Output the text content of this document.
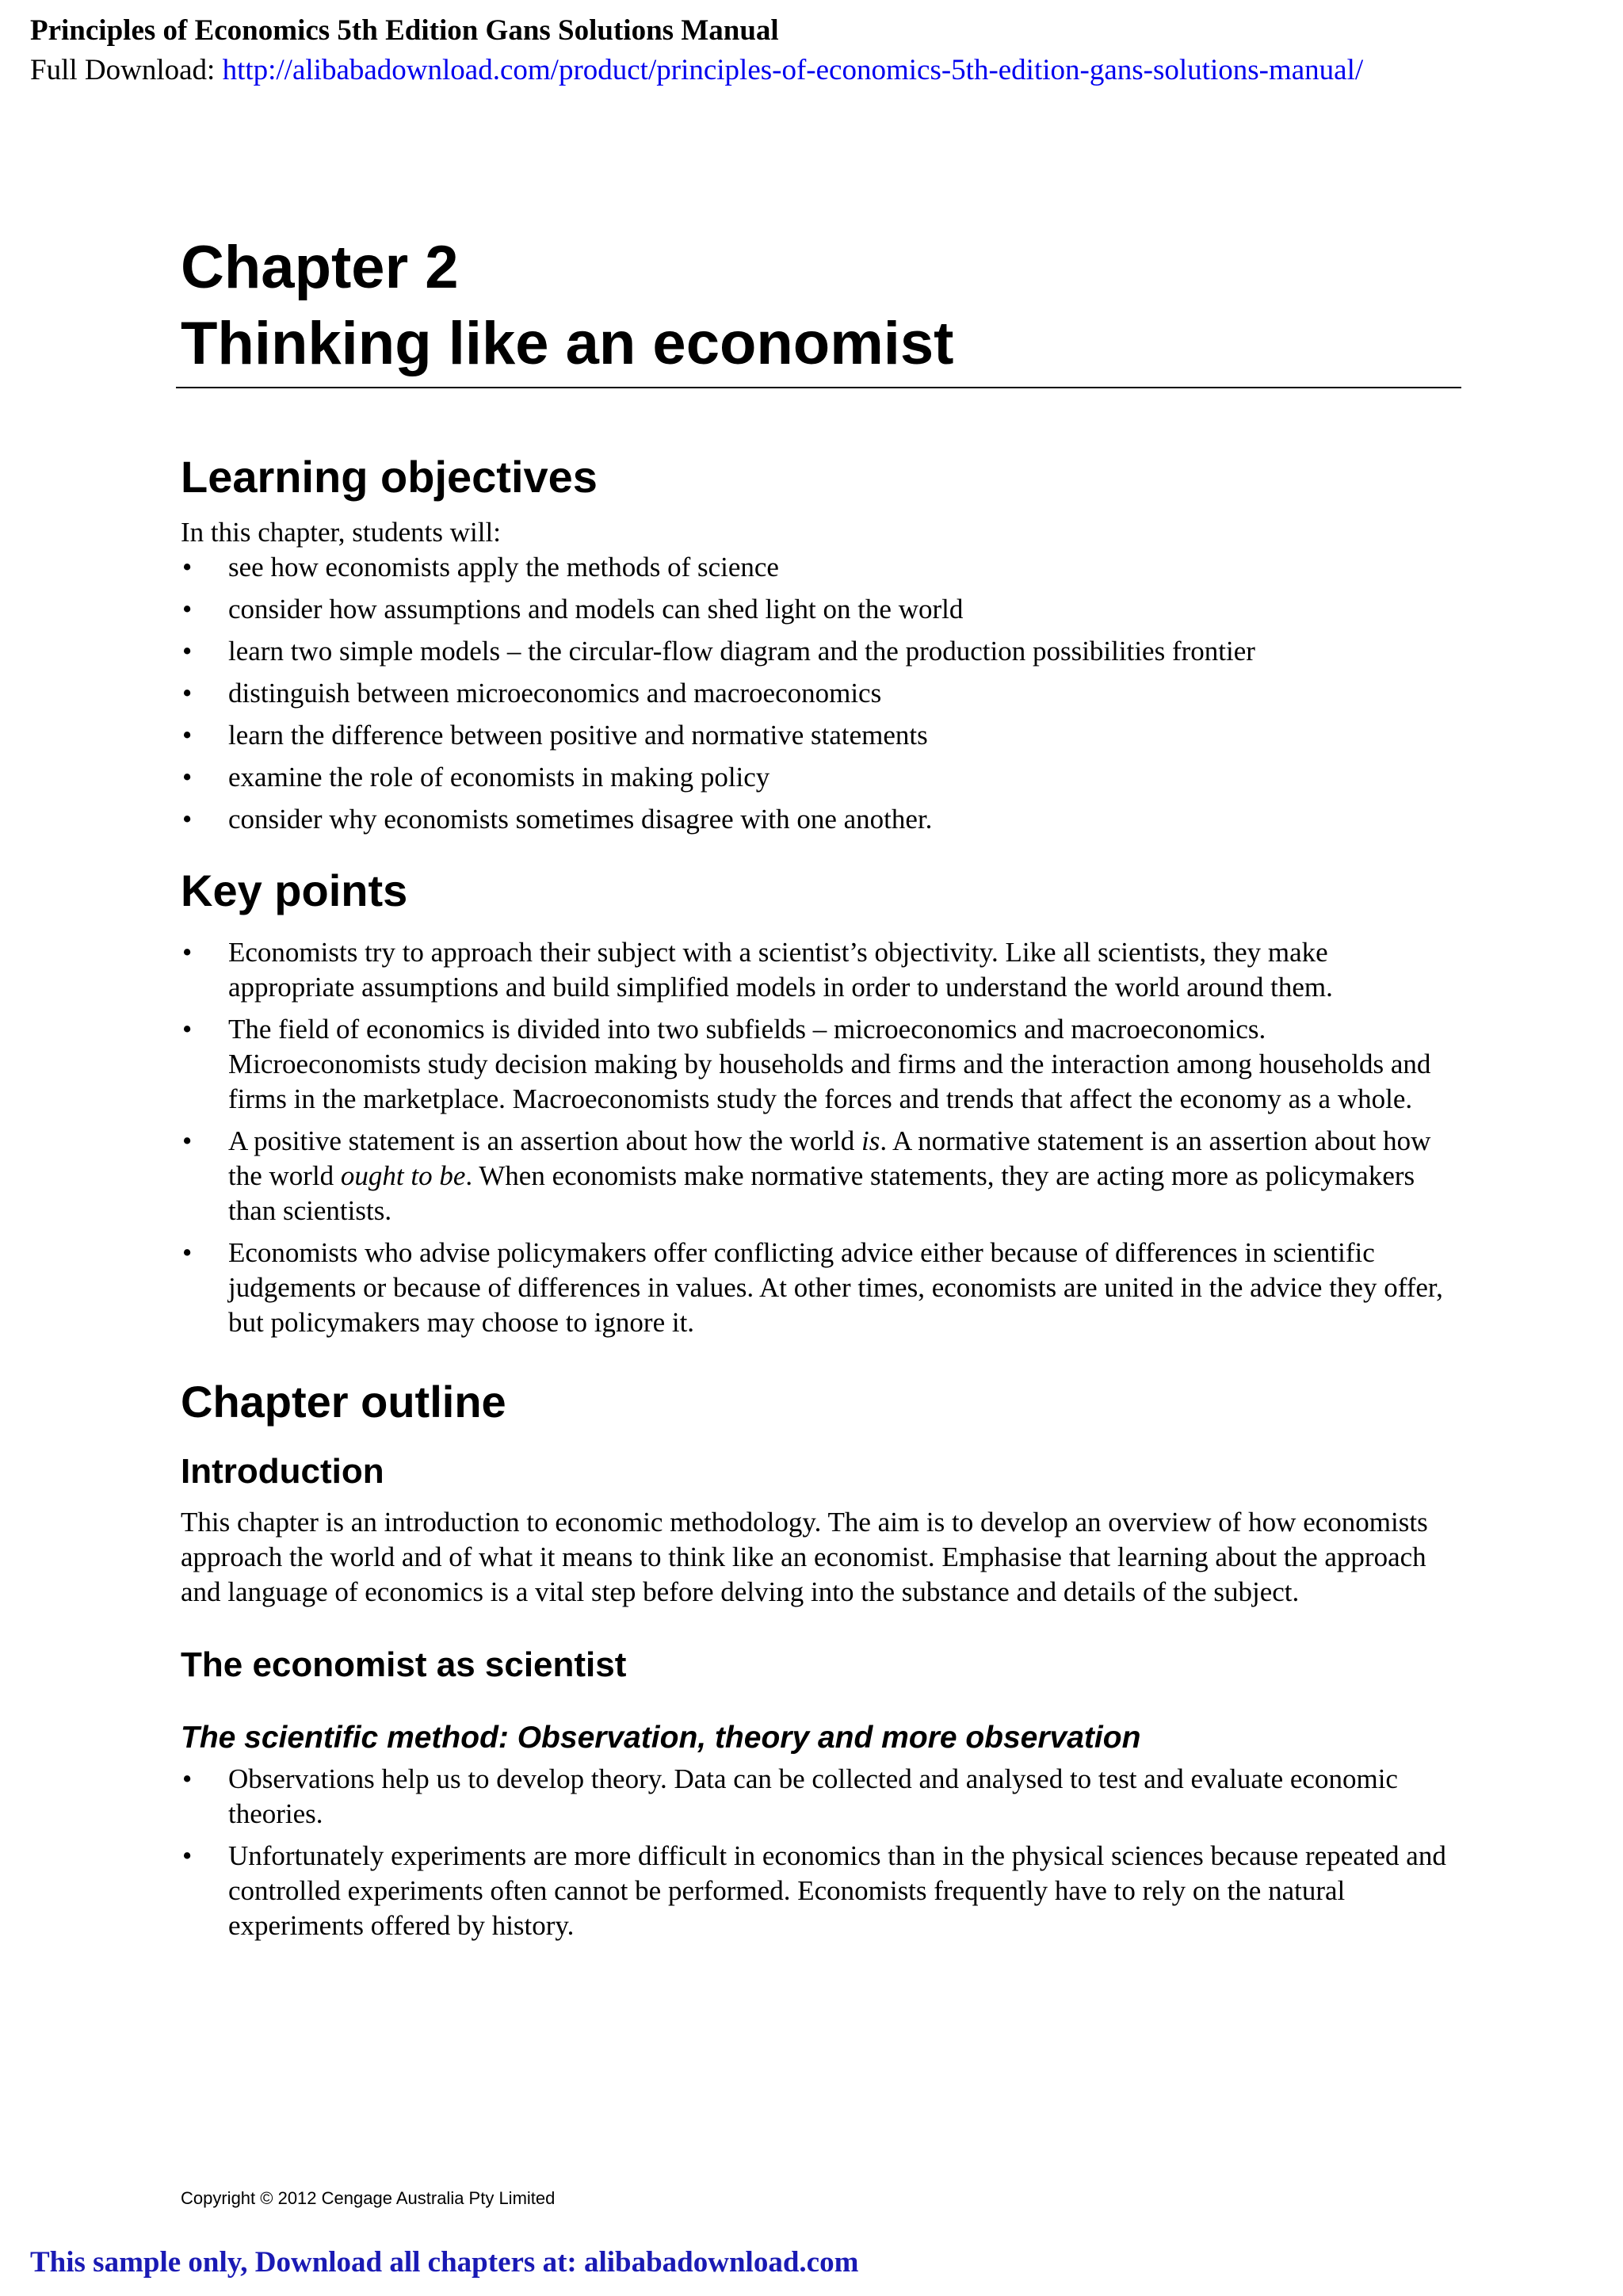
Principles of Economics 5th Edition Gans Solutions Manual
Full Download: http://alibabadownload.com/product/principles-of-economics-5th-edition-gans-solutions-manual/
Chapter 2
Thinking like an economist
Learning objectives

In this chapter, students will:

• see how economists apply the methods of science
• consider how assumptions and models can shed light on the world
• learn two simple models – the circular-flow diagram and the production possibilities frontier
• distinguish between microeconomics and macroeconomics
• learn the difference between positive and normative statements
• examine the role of economists in making policy
• consider why economists sometimes disagree with one another.
Key points
• Economists try to approach their subject with a scientist’s objectivity. Like all scientists, they make appropriate assumptions and build simplified models in order to understand the world around them.
• The field of economics is divided into two subfields – microeconomics and macroeconomics. Microeconomists study decision making by households and firms and the interaction among households and firms in the marketplace. Macroeconomists study the forces and trends that affect the economy as a whole.
• A positive statement is an assertion about how the world is. A normative statement is an assertion about how the world ought to be. When economists make normative statements, they are acting more as policymakers than scientists.
• Economists who advise policymakers offer conflicting advice either because of differences in scientific judgements or because of differences in values. At other times, economists are united in the advice they offer, but policymakers may choose to ignore it.
Chapter outline
Introduction

This chapter is an introduction to economic methodology. The aim is to develop an overview of how economists approach the world and of what it means to think like an economist. Emphasise that learning about the approach and language of economics is a vital step before delving into the substance and details of the subject.

The economist as scientist
The scientific method: Observation, theory and more observation
• Observations help us to develop theory. Data can be collected and analysed to test and evaluate economic theories.
• Unfortunately experiments are more difficult in economics than in the physical sciences because repeated and controlled experiments often cannot be performed. Economists frequently have to rely on the natural experiments offered by history.
Copyright © 2012 Cengage Australia Pty Limited
This sample only, Download all chapters at: alibabadownload.com
